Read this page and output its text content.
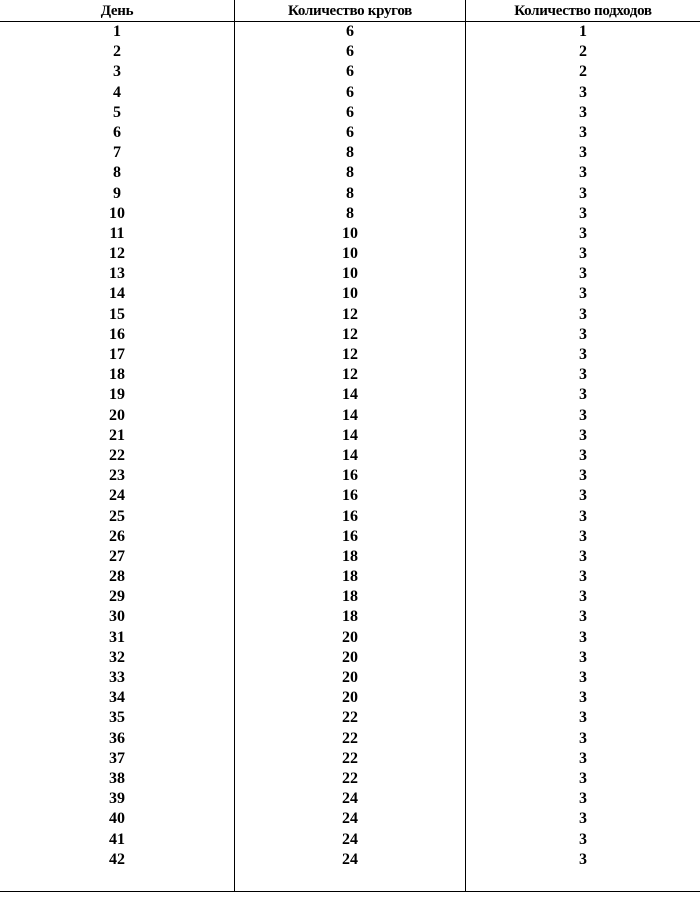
День	Количество кругов	Количество подходов
1	6	1
2	6	2
3	6	2
4	6	3
5	6	3
6	6	3
7	8	3
8	8	3
9	8	3
10	8	3
11	10	3
12	10	3
13	10	3
14	10	3
15	12	3
16	12	3
17	12	3
18	12	3
19	14	3
20	14	3
21	14	3
22	14	3
23	16	3
24	16	3
25	16	3
26	16	3
27	18	3
28	18	3
29	18	3
30	18	3
31	20	3
32	20	3
33	20	3
34	20	3
35	22	3
36	22	3
37	22	3
38	22	3
39	24	3
40	24	3
41	24	3
42	24	3
